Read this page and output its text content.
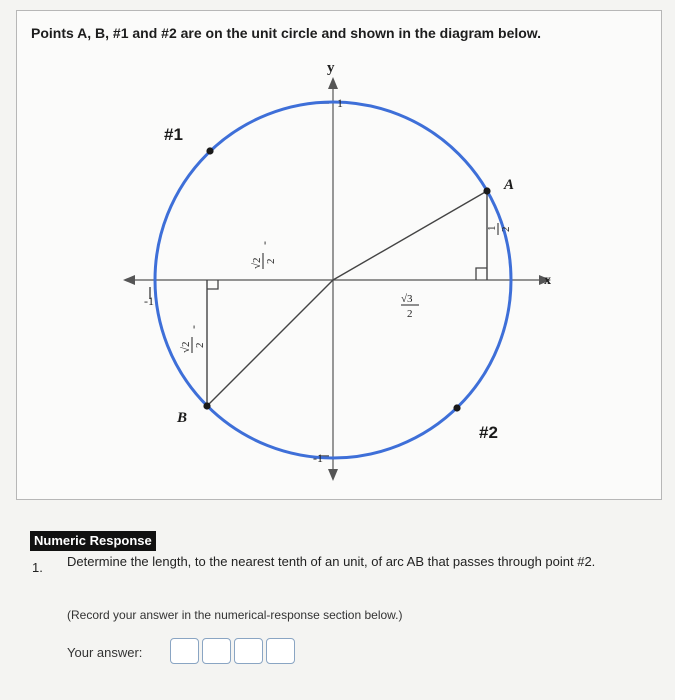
Points A, B, #1 and #2 are on the unit circle and shown in the diagram below.
y
x
1
-1
-1
#1
#2
A
B
1 2
√3
2
-
√2 2
-
√2 2
Numeric Response
1. Determine the length, to the nearest tenth of an unit, of arc AB that passes through point #2.
(Record your answer in the numerical-response section below.)
Your answer:
